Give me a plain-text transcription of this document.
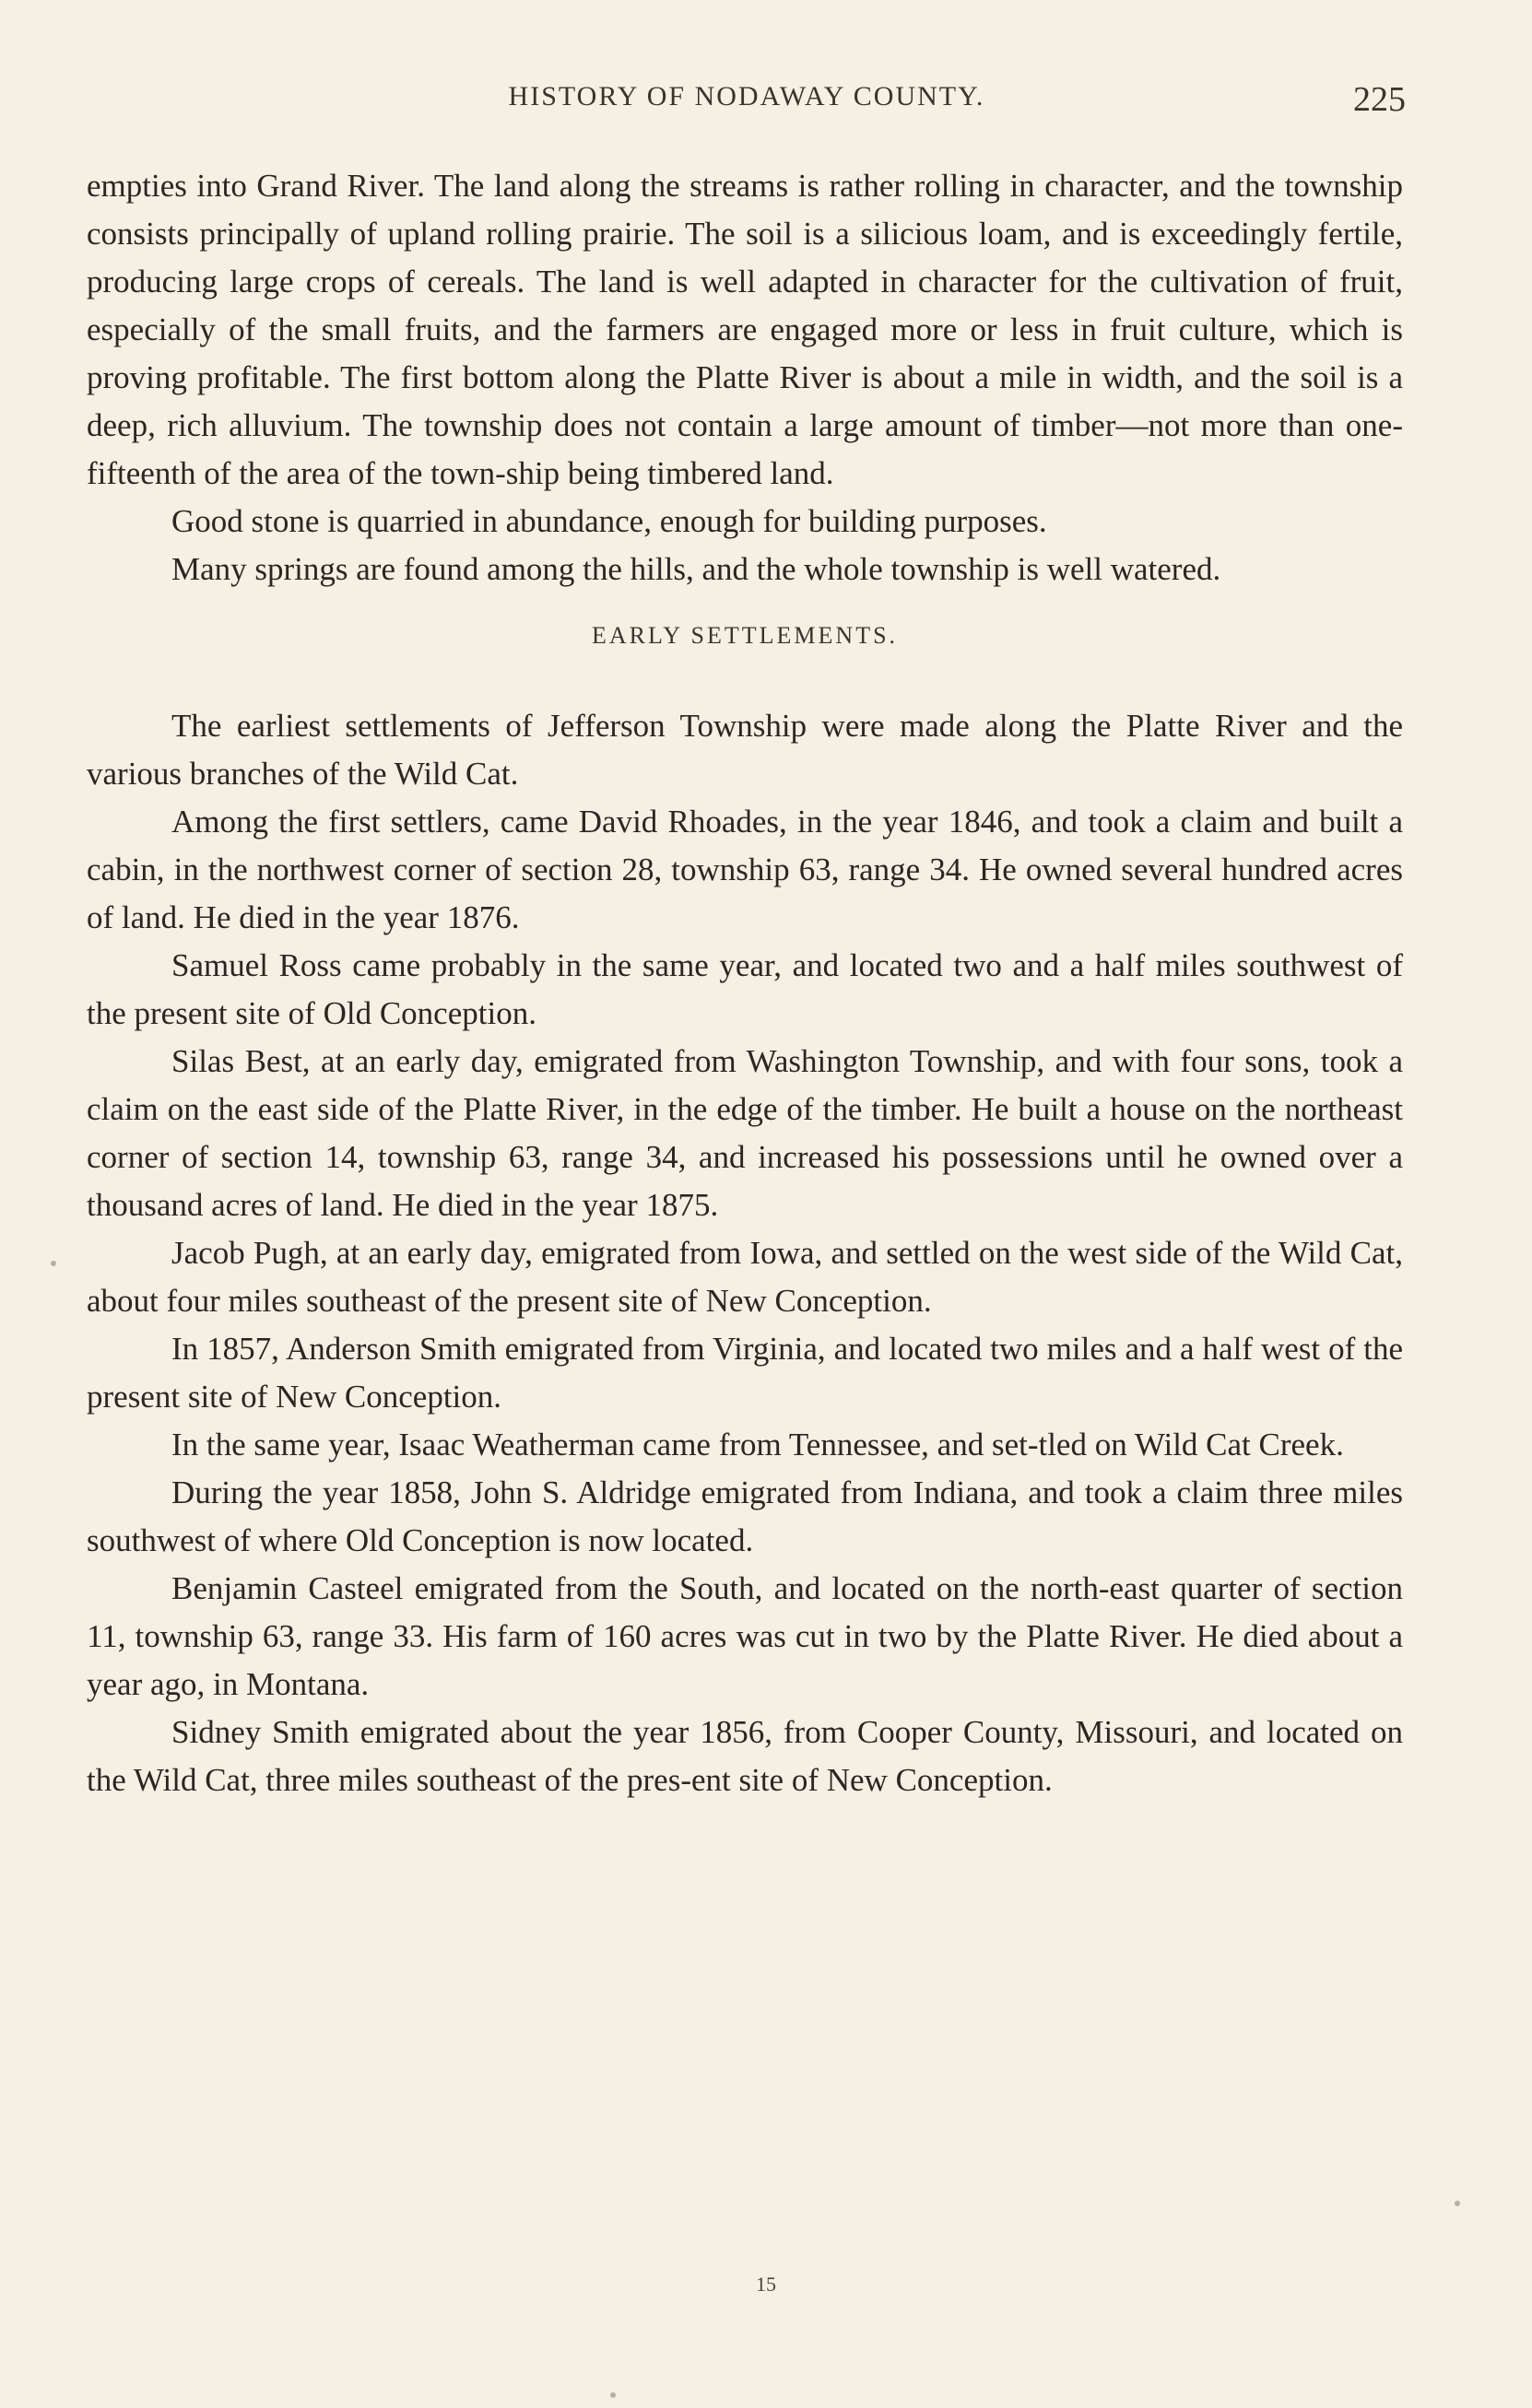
HISTORY OF NODAWAY COUNTY.	225

empties into Grand River. The land along the streams is rather rolling in character, and the township consists principally of upland rolling prairie. The soil is a silicious loam, and is exceedingly fertile, producing large crops of cereals. The land is well adapted in character for the cultivation of fruit, especially of the small fruits, and the farmers are engaged more or less in fruit culture, which is proving profitable. The first bottom along the Platte River is about a mile in width, and the soil is a deep, rich alluvium. The township does not contain a large amount of timber—not more than one-fifteenth of the area of the town-ship being timbered land.

Good stone is quarried in abundance, enough for building purposes.

Many springs are found among the hills, and the whole township is well watered.

EARLY SETTLEMENTS.

The earliest settlements of Jefferson Township were made along the Platte River and the various branches of the Wild Cat.

Among the first settlers, came David Rhoades, in the year 1846, and took a claim and built a cabin, in the northwest corner of section 28, township 63, range 34. He owned several hundred acres of land. He died in the year 1876.

Samuel Ross came probably in the same year, and located two and a half miles southwest of the present site of Old Conception.

Silas Best, at an early day, emigrated from Washington Township, and with four sons, took a claim on the east side of the Platte River, in the edge of the timber. He built a house on the northeast corner of section 14, township 63, range 34, and increased his possessions until he owned over a thousand acres of land. He died in the year 1875.

Jacob Pugh, at an early day, emigrated from Iowa, and settled on the west side of the Wild Cat, about four miles southeast of the present site of New Conception.

In 1857, Anderson Smith emigrated from Virginia, and located two miles and a half west of the present site of New Conception.

In the same year, Isaac Weatherman came from Tennessee, and set-tled on Wild Cat Creek.

During the year 1858, John S. Aldridge emigrated from Indiana, and took a claim three miles southwest of where Old Conception is now located.

Benjamin Casteel emigrated from the South, and located on the north-east quarter of section 11, township 63, range 33. His farm of 160 acres was cut in two by the Platte River. He died about a year ago, in Montana.

Sidney Smith emigrated about the year 1856, from Cooper County, Missouri, and located on the Wild Cat, three miles southeast of the pres-ent site of New Conception.

15
